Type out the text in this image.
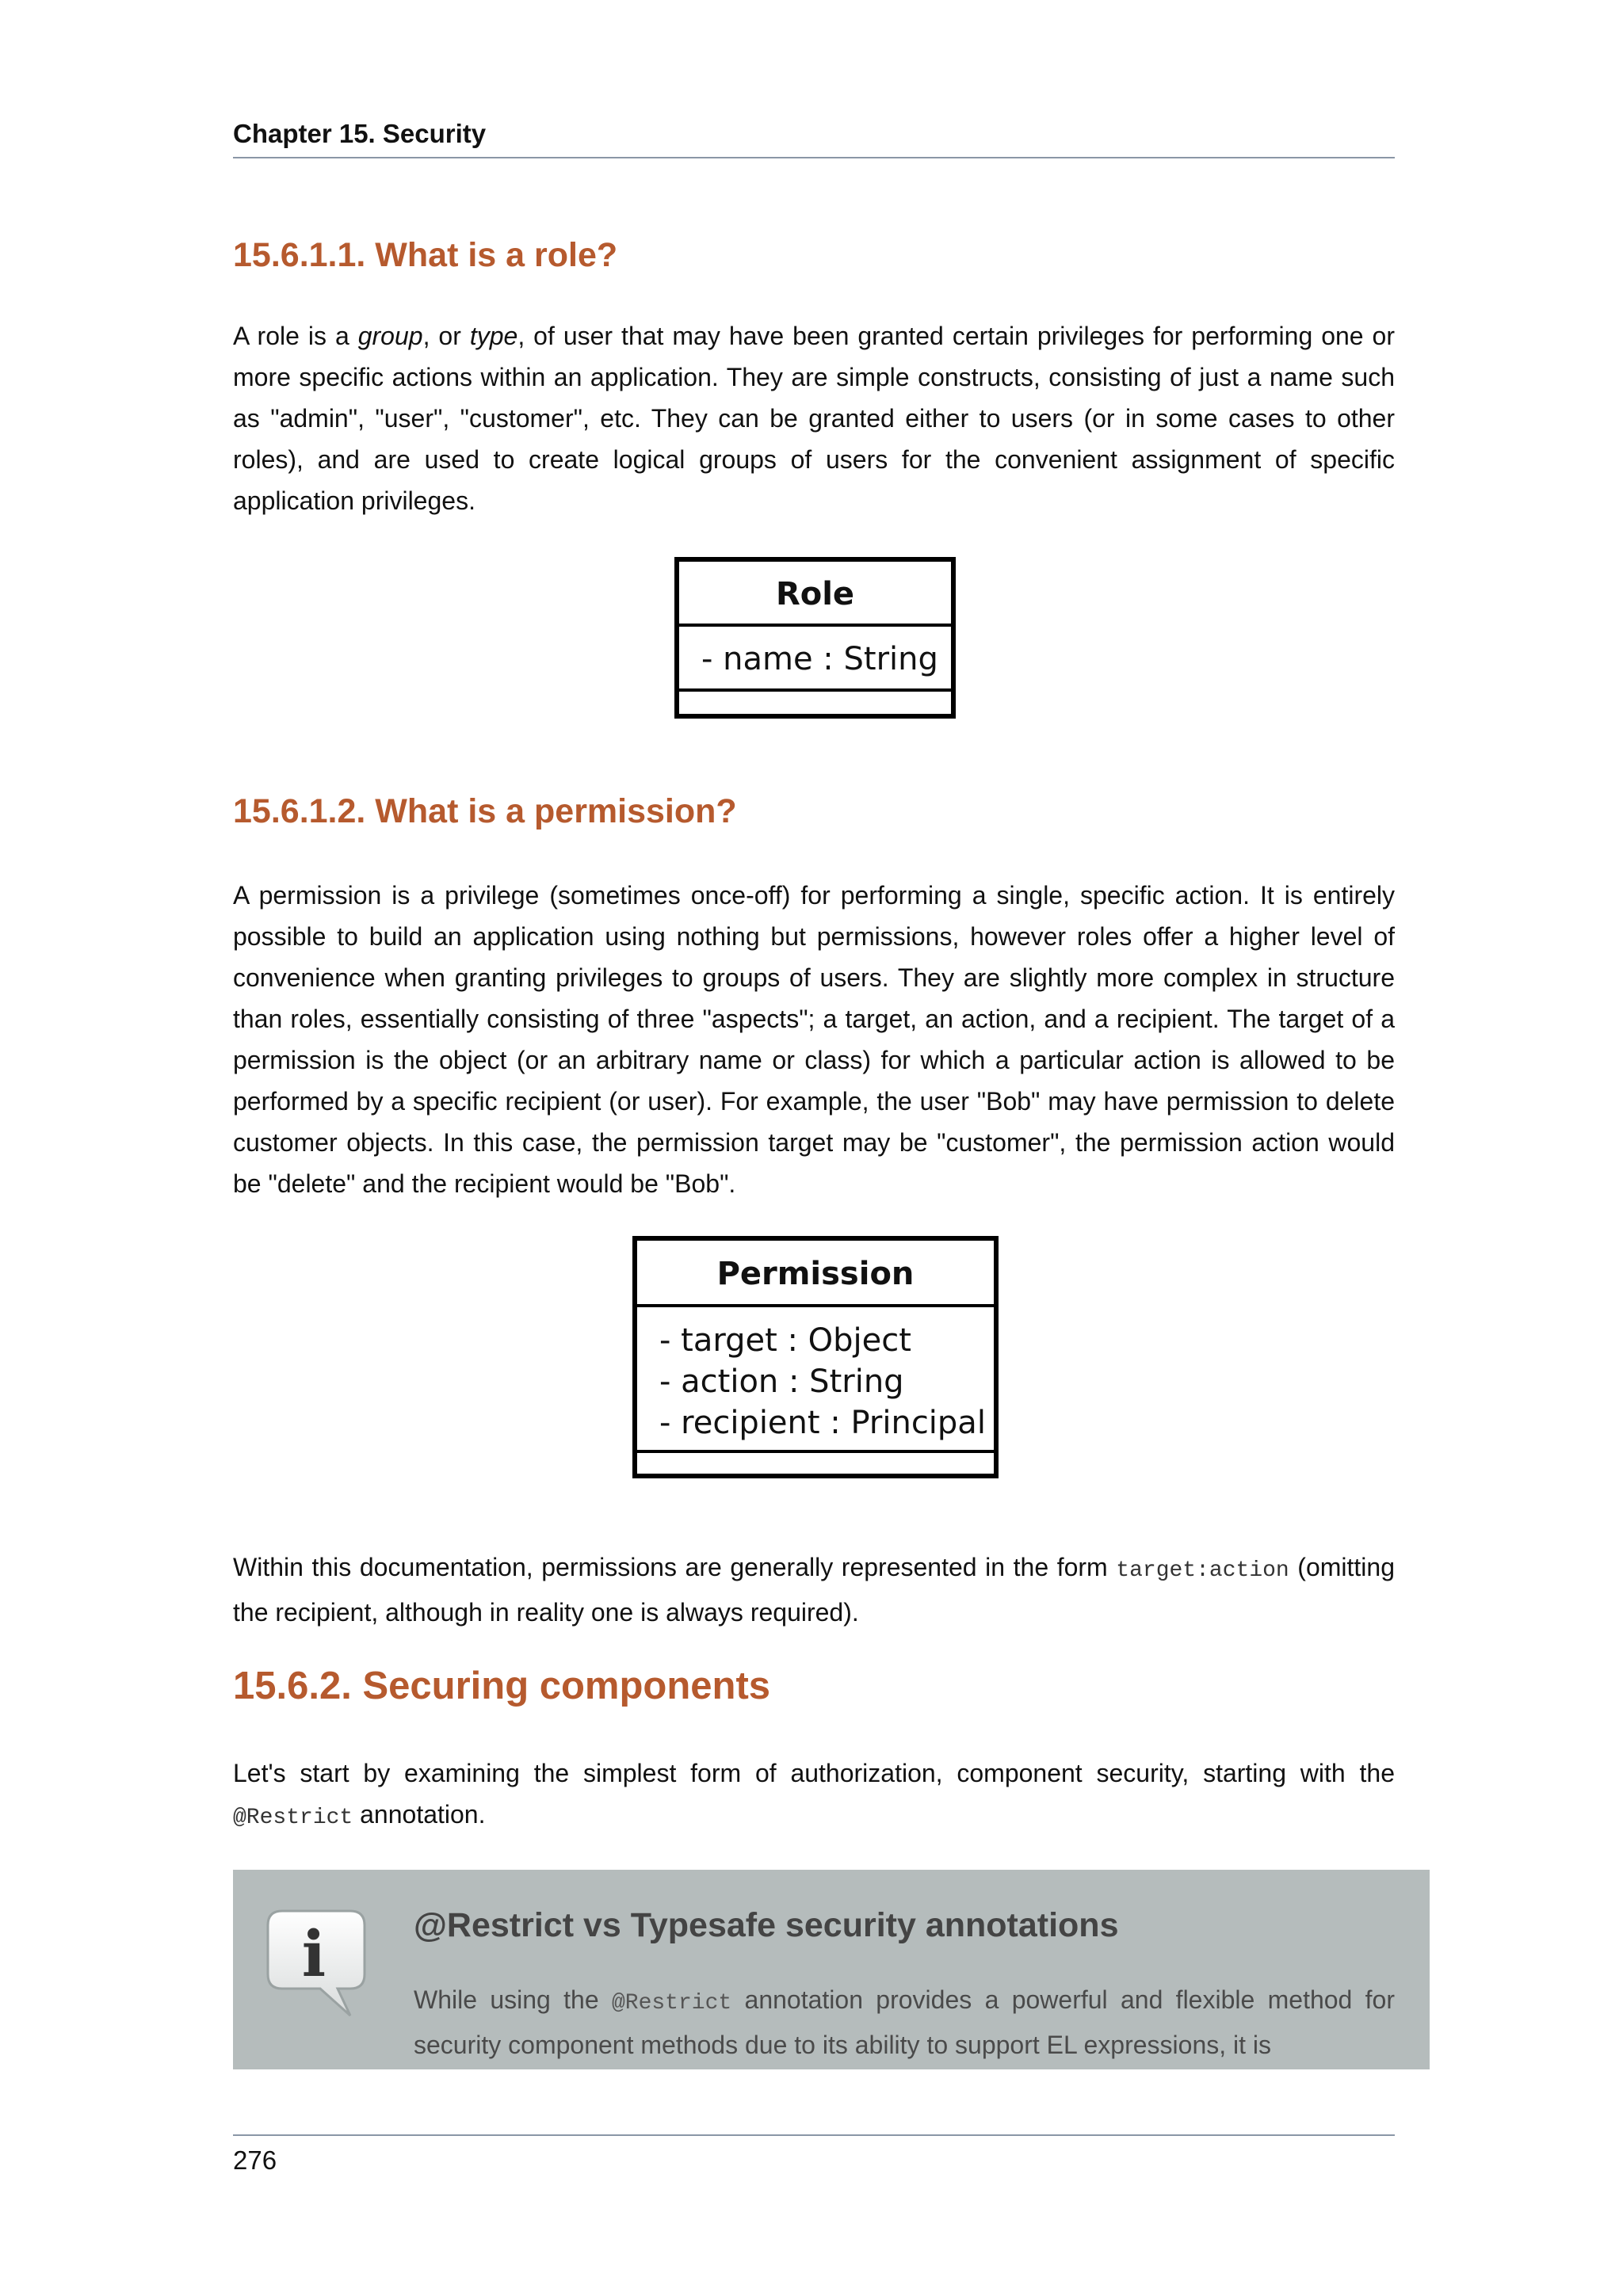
Chapter 15. Security
15.6.1.1. What is a role?

A role is a group, or type, of user that may have been granted certain privileges for performing one or more specific actions within an application. They are simple constructs, consisting of just a name such as "admin", "user", "customer", etc. They can be granted either to users (or in some cases to other roles), and are used to create logical groups of users for the convenient assignment of specific application privileges.

Role
- name : String
15.6.1.2. What is a permission?

A permission is a privilege (sometimes once-off) for performing a single, specific action. It is entirely possible to build an application using nothing but permissions, however roles offer a higher level of convenience when granting privileges to groups of users. They are slightly more complex in structure than roles, essentially consisting of three "aspects"; a target, an action, and a recipient. The target of a permission is the object (or an arbitrary name or class) for which a particular action is allowed to be performed by a specific recipient (or user). For example, the user "Bob" may have permission to delete customer objects. In this case, the permission target may be "customer", the permission action would be "delete" and the recipient would be "Bob".

Permission
- target : Object
- action : String
- recipient : Principal

Within this documentation, permissions are generally represented in the form target:action (omitting the recipient, although in reality one is always required).

15.6.2. Securing components

Let's start by examining the simplest form of authorization, component security, starting with the @Restrict annotation.

i	@Restrict vs Typesafe security annotations

While using the @Restrict annotation provides a powerful and flexible method for security component methods due to its ability to support EL expressions, it is

276
